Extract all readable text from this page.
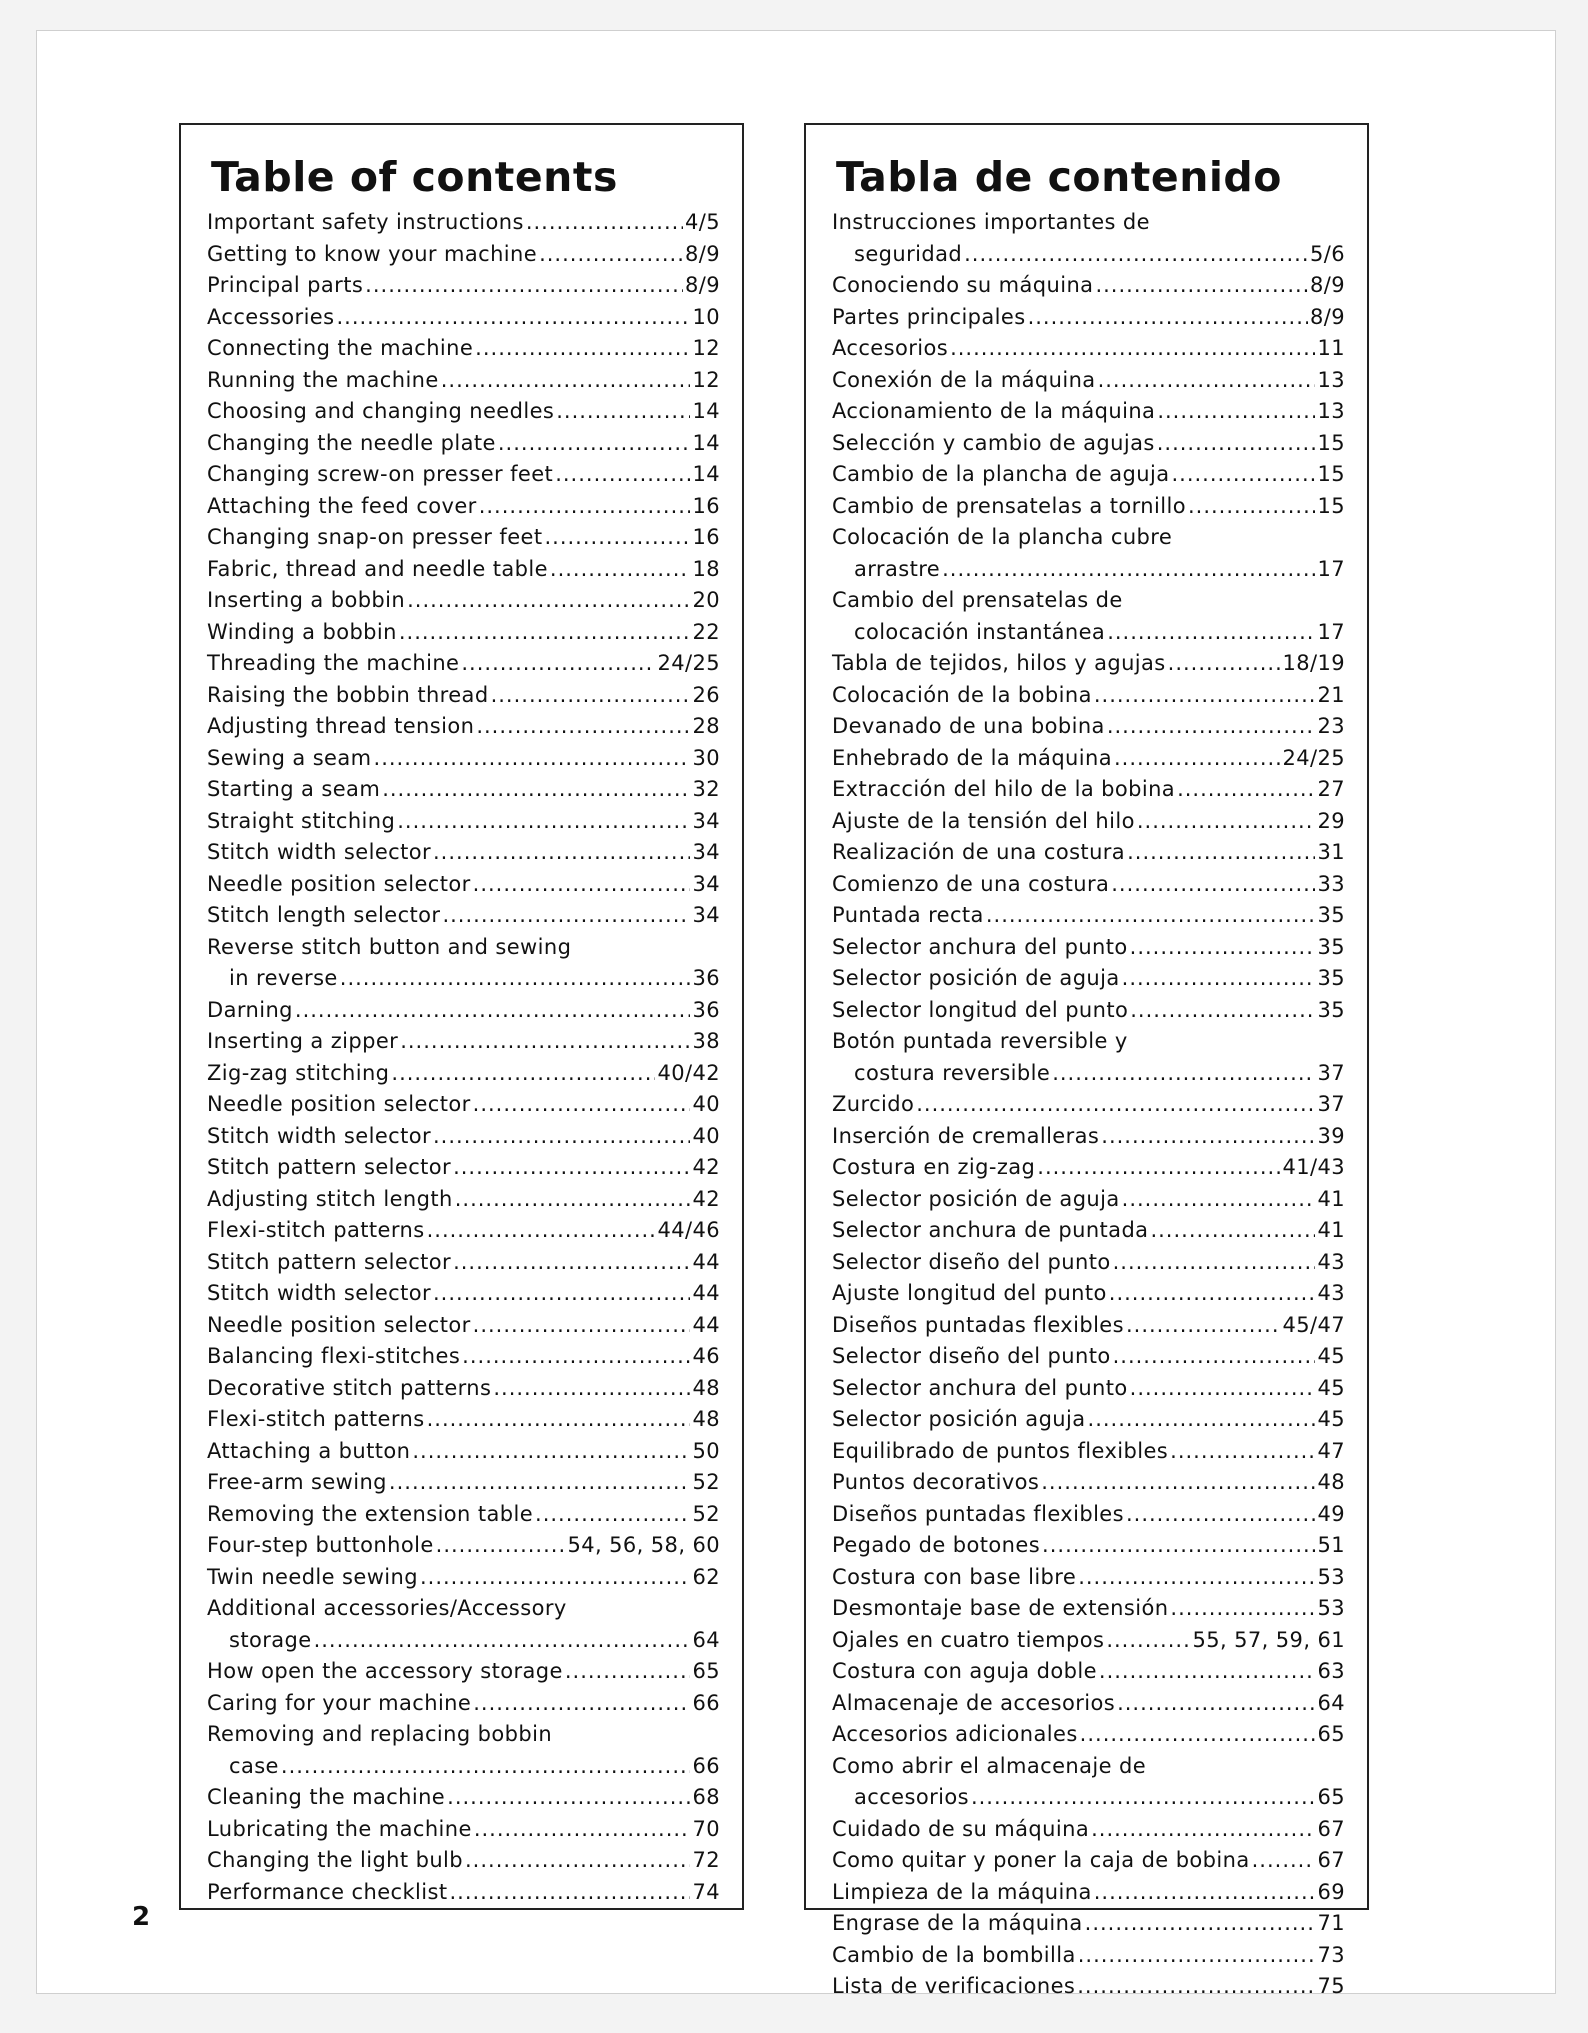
Table of contents
Important safety instructions .....	4/5
Getting to know your machine .....	8/9
Principal parts .....	8/9
Accessories .....	10
Connecting the machine .....	12
Running the machine .....	12
Choosing and changing needles .....	14
Changing the needle plate .....	14
Changing screw-on presser feet .....	14
Attaching the feed cover .....	16
Changing snap-on presser feet .....	16
Fabric, thread and needle table .....	18
Inserting a bobbin .....	20
Winding a bobbin .....	22
Threading the machine .....	24/25
Raising the bobbin thread .....	26
Adjusting thread tension .....	28
Sewing a seam .....	30
Starting a seam .....	32
Straight stitching .....	34
Stitch width selector .....	34
Needle position selector .....	34
Stitch length selector .....	34
Reverse stitch button and sewing
in reverse .....	36
Darning .....	36
Inserting a zipper .....	38
Zig-zag stitching .....	40/42
Needle position selector .....	40
Stitch width selector .....	40
Stitch pattern selector .....	42
Adjusting stitch length .....	42
Flexi-stitch patterns .....	44/46
Stitch pattern selector .....	44
Stitch width selector .....	44
Needle position selector .....	44
Balancing flexi-stitches .....	46
Decorative stitch patterns .....	48
Flexi-stitch patterns .....	48
Attaching a button .....	50
Free-arm sewing .....	52
Removing the extension table .....	52
Four-step buttonhole .....	54, 56, 58, 60
Twin needle sewing .....	62
Additional accessories/Accessory
storage .....	64
How open the accessory storage .....	65
Caring for your machine .....	66
Removing and replacing bobbin
case .....	66
Cleaning the machine .....	68
Lubricating the machine .....	70
Changing the light bulb .....	72
Performance checklist .....	74
Tabla de contenido
Instrucciones importantes de
seguridad .....	5/6
Conociendo su máquina .....	8/9
Partes principales .....	8/9
Accesorios .....	11
Conexión de la máquina .....	13
Accionamiento de la máquina .....	13
Selección y cambio de agujas .....	15
Cambio de la plancha de aguja .....	15
Cambio de prensatelas a tornillo .....	15
Colocación de la plancha cubre
arrastre .....	17
Cambio del prensatelas de
colocación instantánea .....	17
Tabla de tejidos, hilos y agujas .....	18/19
Colocación de la bobina .....	21
Devanado de una bobina .....	23
Enhebrado de la máquina .....	24/25
Extracción del hilo de la bobina .....	27
Ajuste de la tensión del hilo .....	29
Realización de una costura .....	31
Comienzo de una costura .....	33
Puntada recta .....	35
Selector anchura del punto .....	35
Selector posición de aguja .....	35
Selector longitud del punto .....	35
Botón puntada reversible y
costura reversible .....	37
Zurcido .....	37
Inserción de cremalleras .....	39
Costura en zig-zag .....	41/43
Selector posición de aguja .....	41
Selector anchura de puntada .....	41
Selector diseño del punto .....	43
Ajuste longitud del punto .....	43
Diseños puntadas flexibles .....	45/47
Selector diseño del punto .....	45
Selector anchura del punto .....	45
Selector posición aguja .....	45
Equilibrado de puntos flexibles .....	47
Puntos decorativos .....	48
Diseños puntadas flexibles .....	49
Pegado de botones .....	51
Costura con base libre .....	53
Desmontaje base de extensión .....	53
Ojales en cuatro tiempos .....	55, 57, 59, 61
Costura con aguja doble .....	63
Almacenaje de accesorios .....	64
Accesorios adicionales .....	65
Como abrir el almacenaje de
accesorios .....	65
Cuidado de su máquina .....	67
Como quitar y poner la caja de bobina .....	67
Limpieza de la máquina .....	69
Engrase de la máquina .....	71
Cambio de la bombilla .....	73
Lista de verificaciones .....	75
2
